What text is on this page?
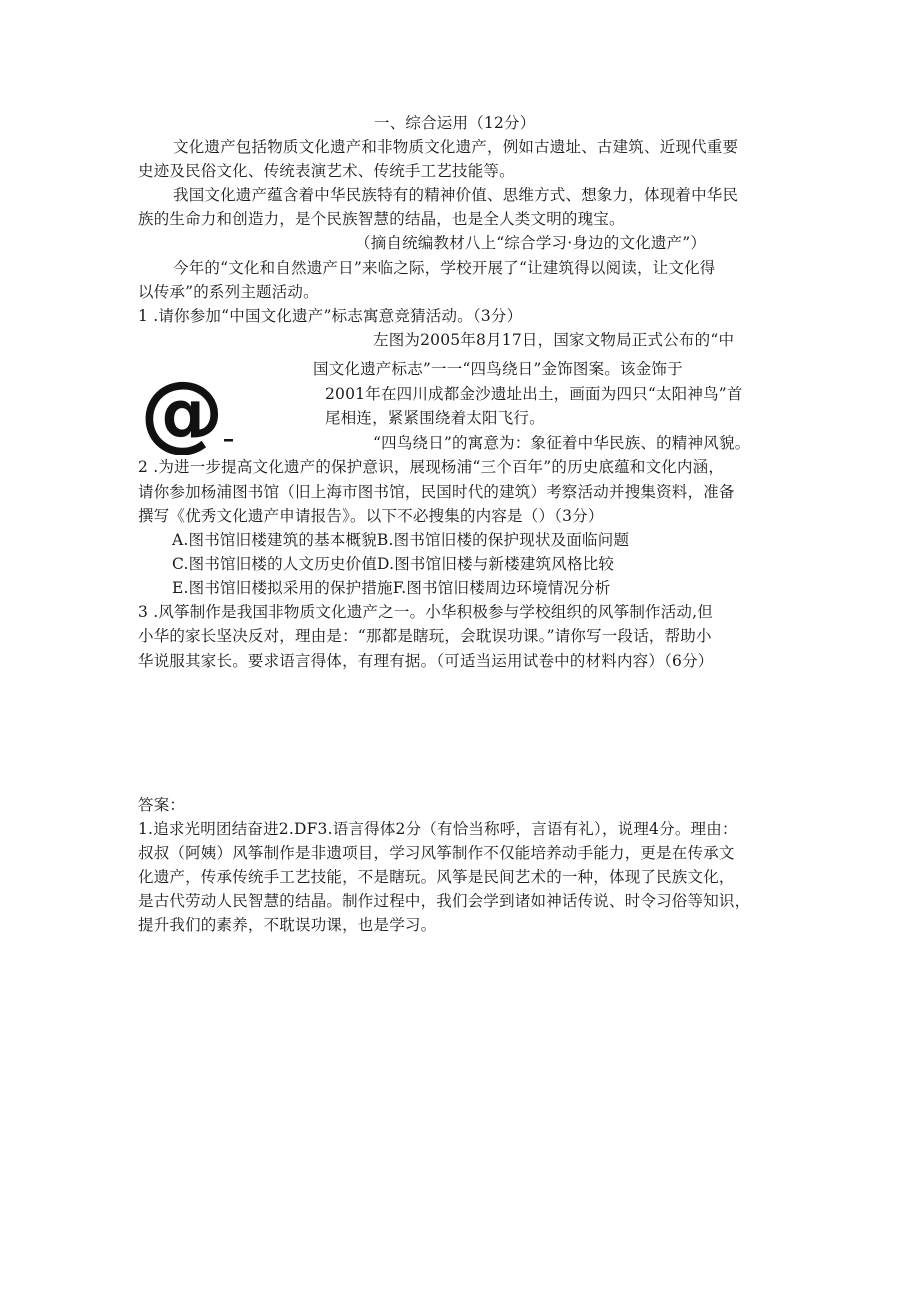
一、综合运用（12分）
文化遗产包括物质文化遗产和非物质文化遗产，例如古遗址、古建筑、近现代重要
史迹及民俗文化、传统表演艺术、传统手工艺技能等。
我国文化遗产蕴含着中华民族特有的精神价值、思维方式、想象力，体现着中华民
族的生命力和创造力，是个民族智慧的结晶，也是全人类文明的瑰宝。
（摘自统编教材八上“综合学习·身边的文化遗产”）
今年的“文化和自然遗产日”来临之际，学校开展了“让建筑得以阅读，让文化得
以传承”的系列主题活动。
1 .请你参加“中国文化遗产”标志寓意竞猜活动。（3分）
左图为2005年8月17日，国家文物局正式公布的“中
国文化遗产标志”一一“四鸟绕日”金饰图案。该金饰于
2001年在四川成都金沙遗址出土，画面为四只“太阳神鸟”首
尾相连，紧紧围绕着太阳飞行。
“四鸟绕日”的寓意为：象征着中华民族、的精神风貌。
@
2 .为进一步提高文化遗产的保护意识，展现杨浦“三个百年”的历史底蕴和文化内涵，
请你参加杨浦图书馆（旧上海市图书馆，民国时代的建筑）考察活动并搜集资料，准备
撰写《优秀文化遗产申请报告》。以下不必搜集的内容是（）（3分）
A.图书馆旧楼建筑的基本概貌B.图书馆旧楼的保护现状及面临问题
C.图书馆旧楼的人文历史价值D.图书馆旧楼与新楼建筑风格比较
E.图书馆旧楼拟采用的保护措施F.图书馆旧楼周边环境情况分析
3 .风筝制作是我国非物质文化遗产之一。小华积极参与学校组织的风筝制作活动,但
小华的家长坚决反对，理由是：“那都是瞎玩，会耽误功课。”请你写一段话，帮助小
华说服其家长。要求语言得体，有理有据。（可适当运用试卷中的材料内容）（6分）
答案：
1.追求光明团结奋进2.DF3.语言得体2分（有恰当称呼，言语有礼），说理4分。理由：
叔叔（阿姨）风筝制作是非遗项目，学习风筝制作不仅能培养动手能力，更是在传承文
化遗产，传承传统手工艺技能，不是瞎玩。风筝是民间艺术的一种，体现了民族文化，
是古代劳动人民智慧的结晶。制作过程中，我们会学到诸如神话传说、时令习俗等知识，
提升我们的素养，不耽误功课，也是学习。
